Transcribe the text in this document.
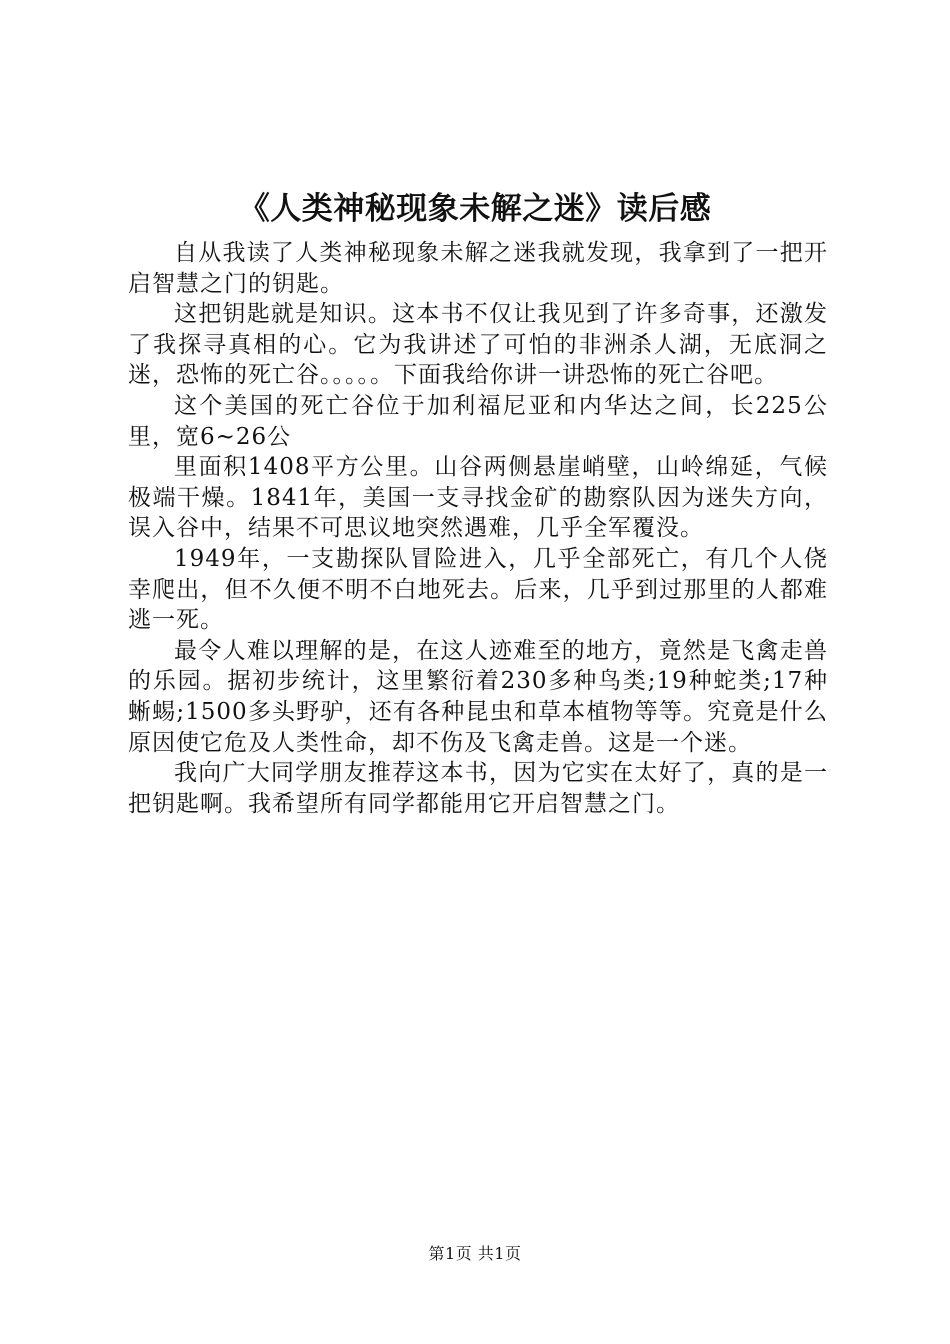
《人类神秘现象未解之迷》读后感

自从我读了人类神秘现象未解之迷我就发现，我拿到了一把开启智慧之门的钥匙。

这把钥匙就是知识。这本书不仅让我见到了许多奇事，还激发了我探寻真相的心。它为我讲述了可怕的非洲杀人湖，无底洞之迷，恐怖的死亡谷。。。。。下面我给你讲一讲恐怖的死亡谷吧。

这个美国的死亡谷位于加利福尼亚和内华达之间，长225公里，宽6~26公

里面积1408平方公里。山谷两侧悬崖峭壁，山岭绵延，气候极端干燥。1841年，美国一支寻找金矿的勘察队因为迷失方向，误入谷中，结果不可思议地突然遇难，几乎全军覆没。

1949年，一支勘探队冒险进入，几乎全部死亡，有几个人侥幸爬出，但不久便不明不白地死去。后来，几乎到过那里的人都难逃一死。

最令人难以理解的是，在这人迹难至的地方，竟然是飞禽走兽的乐园。据初步统计，这里繁衍着230多种鸟类;19种蛇类;17种蜥蜴;1500多头野驴，还有各种昆虫和草本植物等等。究竟是什么原因使它危及人类性命，却不伤及飞禽走兽。这是一个迷。

我向广大同学朋友推荐这本书，因为它实在太好了，真的是一把钥匙啊。我希望所有同学都能用它开启智慧之门。

第1页 共1页
